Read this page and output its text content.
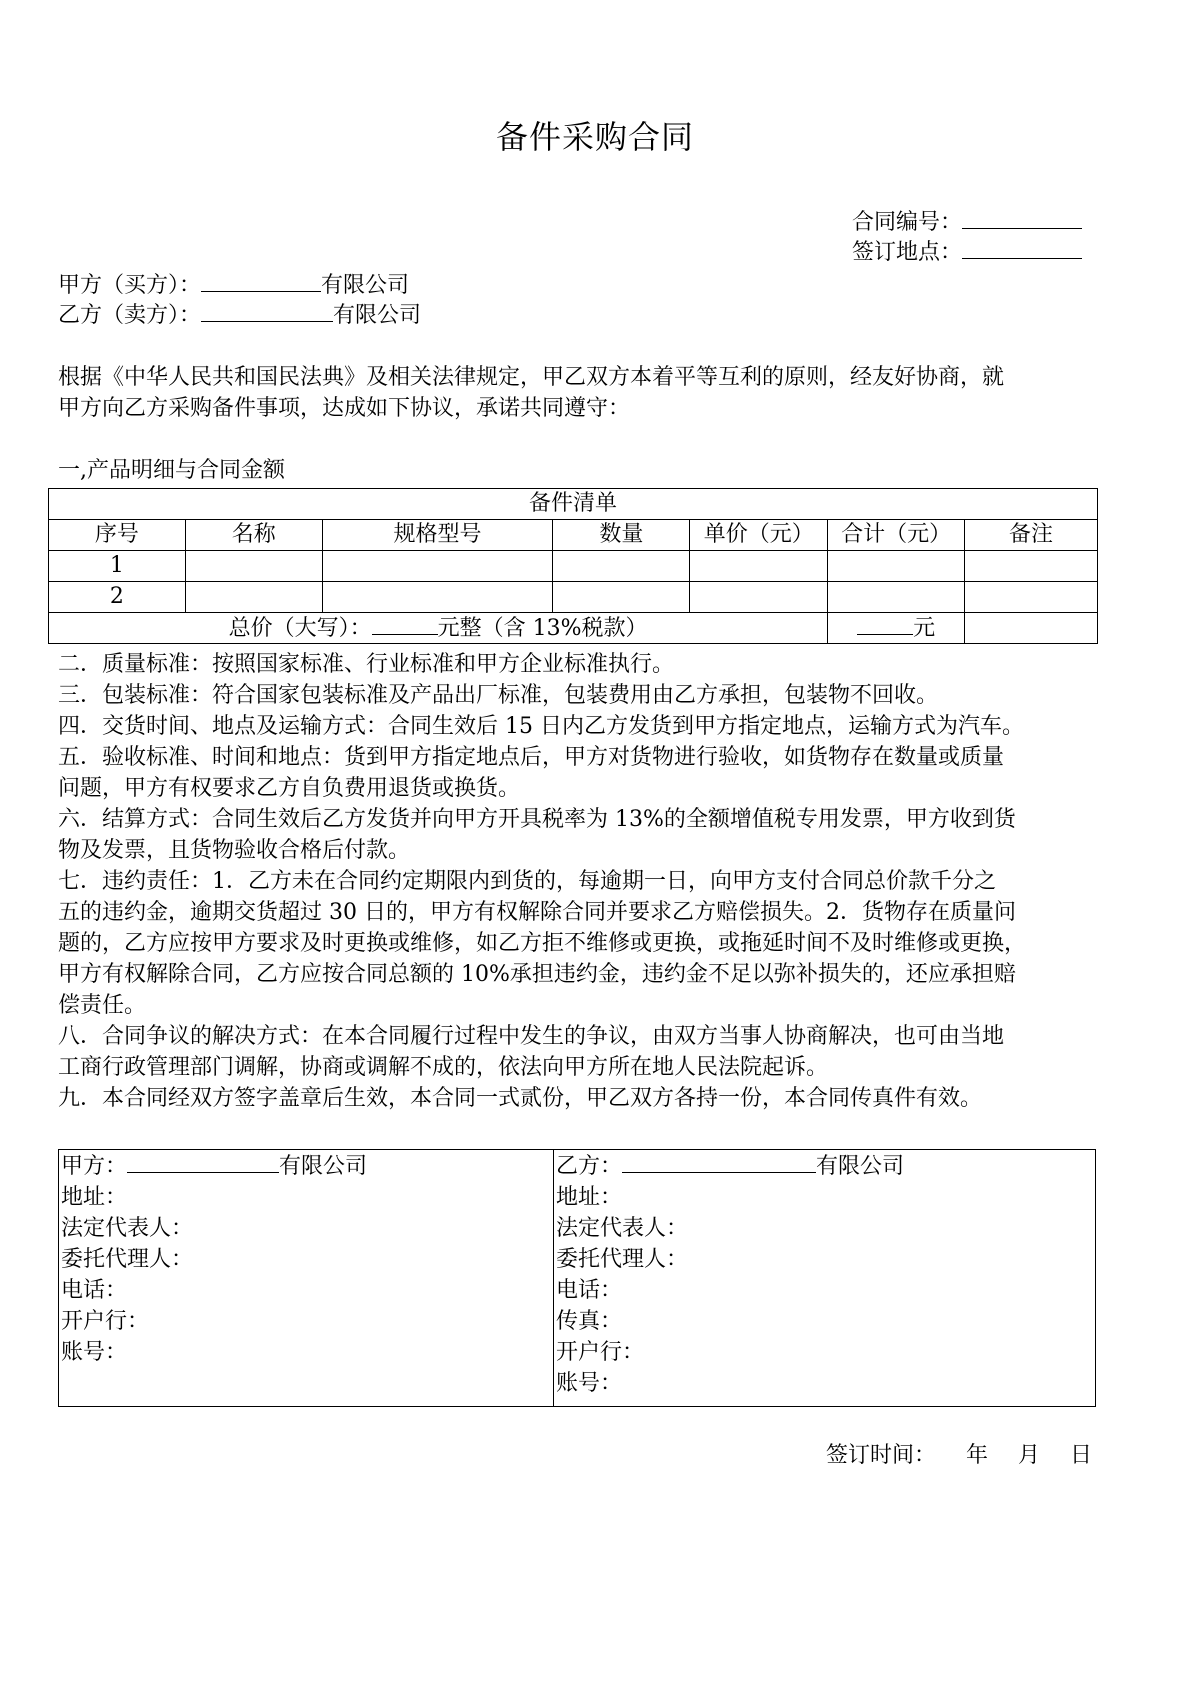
备件采购合同
合同编号：
签订地点：
甲方（买方）：	有限公司
乙方（卖方）：	有限公司

根据《中华人民共和国民法典》及相关法律规定，甲乙双方本着平等互利的原则，经友好协商，就

甲方向乙方采购备件事项，达成如下协议，承诺共同遵守：

一,产品明细与合同金额
备件清单						
序号	名称	规格型号	数量	单价（元）	合计（元）	备注
1						
2						
总价（大写）： 元整（含 13%税款）					元	

二．质量标准：按照国家标准、行业标准和甲方企业标准执行。

三．包装标准：符合国家包装标准及产品出厂标准，包装费用由乙方承担，包装物不回收。

四．交货时间、地点及运输方式：合同生效后 15 日内乙方发货到甲方指定地点，运输方式为汽车。

五．验收标准、时间和地点：货到甲方指定地点后，甲方对货物进行验收，如货物存在数量或质量

问题，甲方有权要求乙方自负费用退货或换货。

六．结算方式：合同生效后乙方发货并向甲方开具税率为 13%的全额增值税专用发票，甲方收到货

物及发票，且货物验收合格后付款。

七．违约责任：1．乙方未在合同约定期限内到货的，每逾期一日，向甲方支付合同总价款千分之

五的违约金，逾期交货超过 30 日的，甲方有权解除合同并要求乙方赔偿损失。2．货物存在质量问

题的，乙方应按甲方要求及时更换或维修，如乙方拒不维修或更换，或拖延时间不及时维修或更换，

甲方有权解除合同，乙方应按合同总额的 10%承担违约金，违约金不足以弥补损失的，还应承担赔

偿责任。

八．合同争议的解决方式：在本合同履行过程中发生的争议，由双方当事人协商解决，也可由当地

工商行政管理部门调解，协商或调解不成的，依法向甲方所在地人民法院起诉。

九．本合同经双方签字盖章后生效，本合同一式贰份，甲乙双方各持一份，本合同传真件有效。

甲方：	有限公司
地址：
法定代表人：
委托代理人：
电话：
开户行：
账号：
乙方：	有限公司
地址：
法定代表人：
委托代理人：
电话：
传真：
开户行：
账号：
签订时间： 年 月 日
